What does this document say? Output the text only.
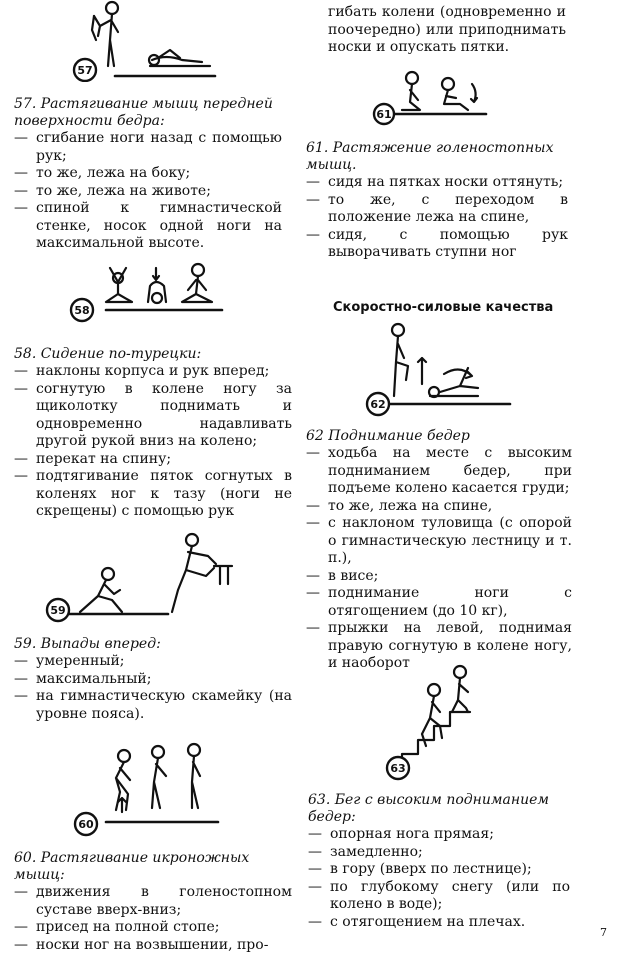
57
57. Растягивание мышц передней поверхности бедра:
— сгибание ноги назад с помощью рук;
— то же, лежа на боку;
— то же, лежа на животе;
— спиной к гимнастической стенке, носок одной ноги на максимальной высоте.
58
58. Сидение по-турецки:
— наклоны корпуса и рук вперед;
— согнутую в колене ногу за щиколотку поднимать и одновременно надавливать другой рукой вниз на колено;
— перекат на спину;
— подтягивание пяток согнутых в коленях ног к тазу (ноги не скрещены) с помощью рук
59
59. Выпады вперед:
— умеренный;
— максимальный;
— на гимнастическую скамейку (на уровне пояса).
60
60. Растягивание икроножных мышц:
— движения в голеностопном суставе вверх-вниз;
— присед на полной стопе;
— носки ног на возвышении, про-

гибать колени (одновременно и поочередно) или приподнимать носки и опускать пятки.

61
61. Растяжение голеностопных мышц.
— сидя на пятках носки оттянуть;
— то же, с переходом в положение лежа на спине,
— сидя, с помощью рук выворачивать ступни ног
Скоростно-силовые качества
62
62 Поднимание бедер
— ходьба на месте с высоким подниманием бедер, при подъеме колено касается груди;
— то же, лежа на спине,
— с наклоном туловища (с опорой о гимнастическую лестницу и т. п.),
— в висе;
— поднимание ноги с отягощением (до 10 кг),
— прыжки на левой, поднимая правую согнутую в колене ногу, и наоборот
63
63. Бег с высоким подниманием бедер:
— опорная нога прямая;
— замедленно;
— в гору (вверх по лестнице);
— по глубокому снегу (или по колено в воде);
— с отягощением на плечах.
7
